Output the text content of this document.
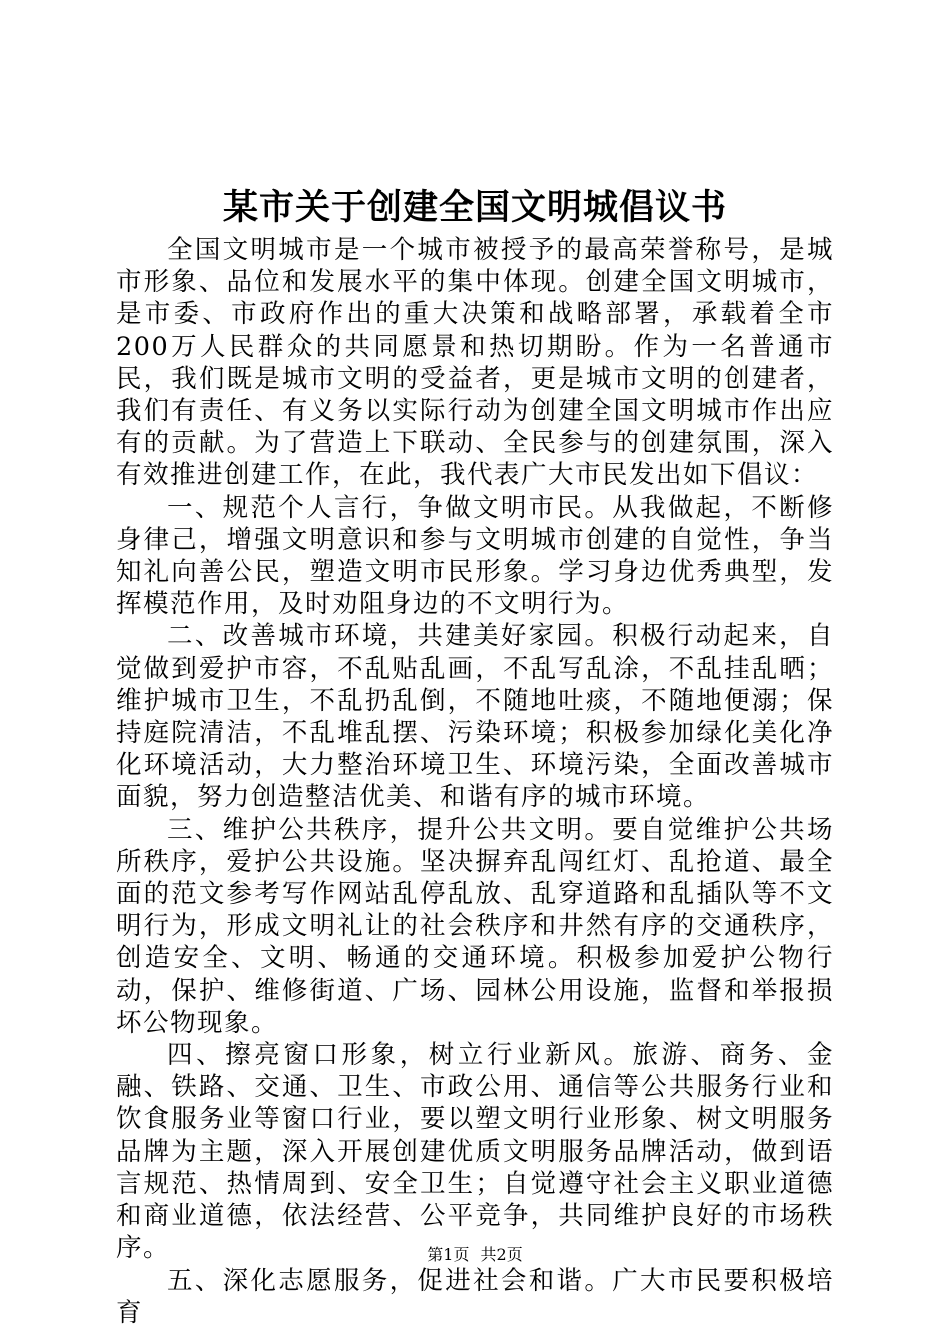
某市关于创建全国文明城倡议书

全国文明城市是一个城市被授予的最高荣誉称号，是城市形象、品位和发展水平的集中体现。创建全国文明城市，是市委、市政府作出的重大决策和战略部署，承载着全市200万人民群众的共同愿景和热切期盼。作为一名普通市民，我们既是城市文明的受益者，更是城市文明的创建者，我们有责任、有义务以实际行动为创建全国文明城市作出应有的贡献。为了营造上下联动、全民参与的创建氛围，深入有效推进创建工作，在此，我代表广大市民发出如下倡议：

一、规范个人言行，争做文明市民。从我做起，不断修身律己，增强文明意识和参与文明城市创建的自觉性，争当知礼向善公民，塑造文明市民形象。学习身边优秀典型，发挥模范作用，及时劝阻身边的不文明行为。

二、改善城市环境，共建美好家园。积极行动起来，自觉做到爱护市容，不乱贴乱画，不乱写乱涂，不乱挂乱晒；维护城市卫生，不乱扔乱倒，不随地吐痰，不随地便溺；保持庭院清洁，不乱堆乱摆、污染环境；积极参加绿化美化净化环境活动，大力整治环境卫生、环境污染，全面改善城市面貌，努力创造整洁优美、和谐有序的城市环境。

三、维护公共秩序，提升公共文明。要自觉维护公共场所秩序，爱护公共设施。坚决摒弃乱闯红灯、乱抢道、最全面的范文参考写作网站乱停乱放、乱穿道路和乱插队等不文明行为，形成文明礼让的社会秩序和井然有序的交通秩序，创造安全、文明、畅通的交通环境。积极参加爱护公物行动，保护、维修街道、广场、园林公用设施，监督和举报损坏公物现象。

四、擦亮窗口形象，树立行业新风。旅游、商务、金融、铁路、交通、卫生、市政公用、通信等公共服务行业和饮食服务业等窗口行业，要以塑文明行业形象、树文明服务品牌为主题，深入开展创建优质文明服务品牌活动，做到语言规范、热情周到、安全卫生；自觉遵守社会主义职业道德和商业道德，依法经营、公平竞争，共同维护良好的市场秩序。

五、深化志愿服务，促进社会和谐。广大市民要积极培育

第1页 共2页
